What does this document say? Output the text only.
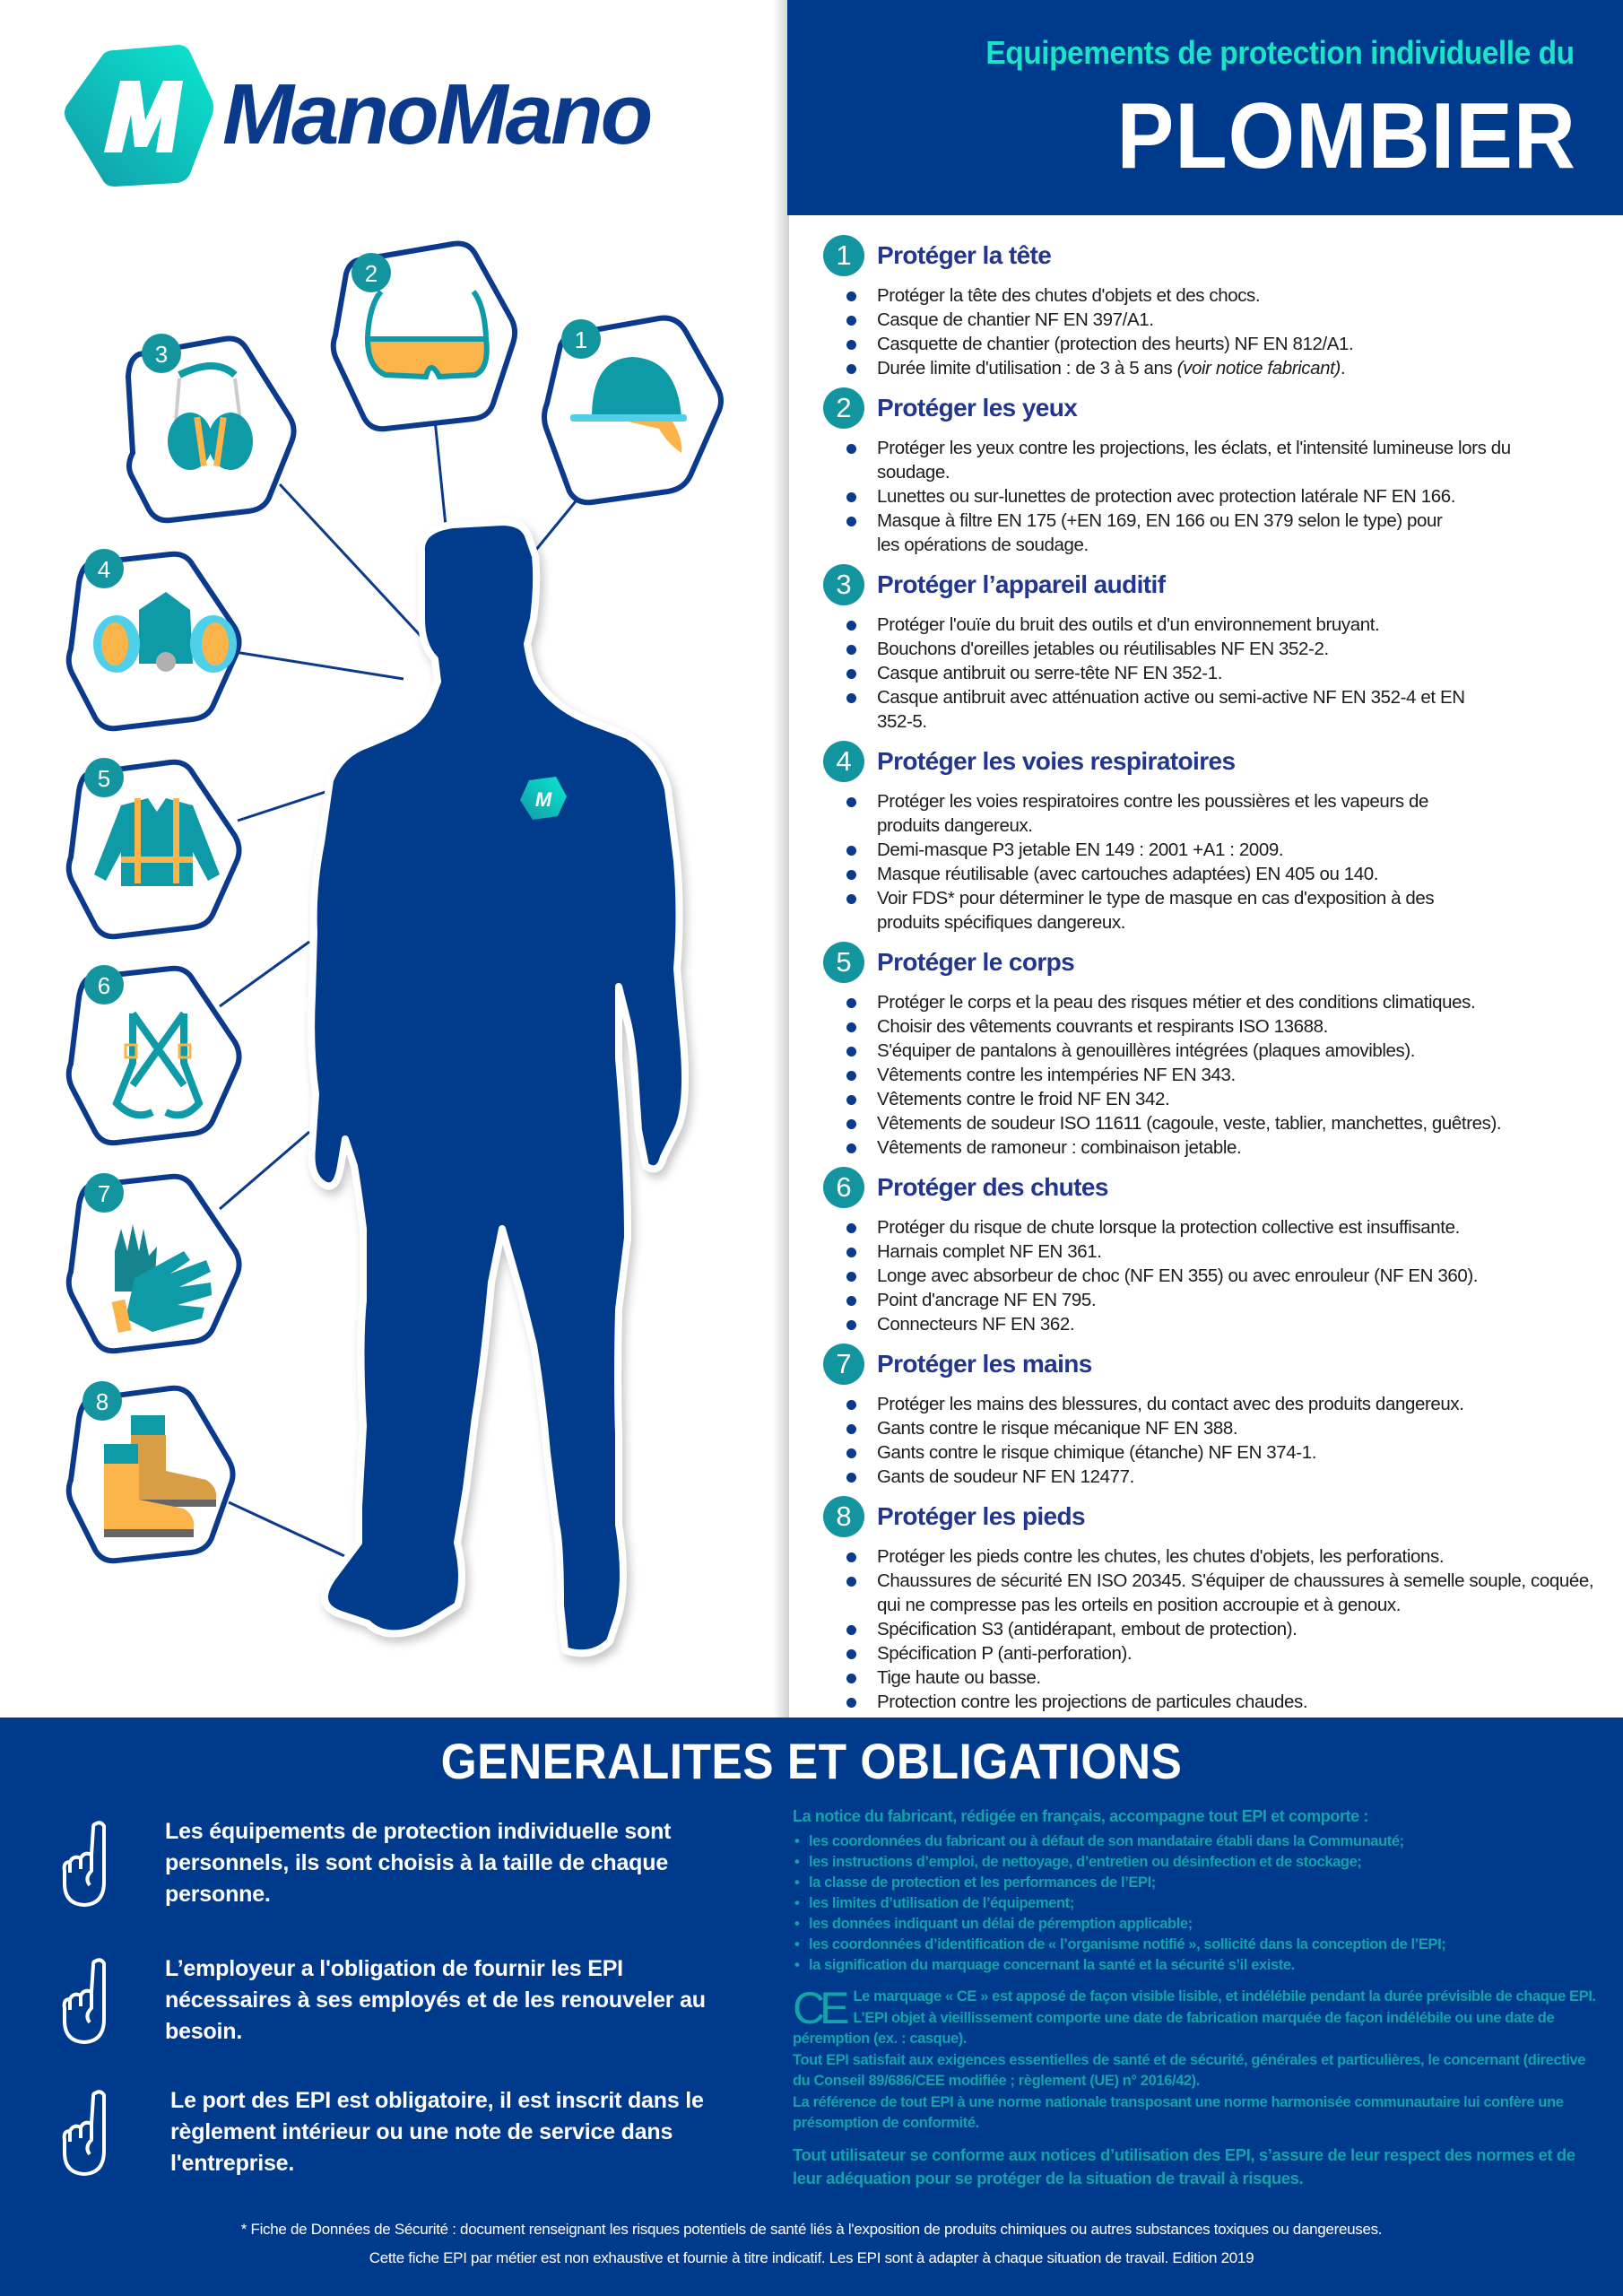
ManoMano
M
1
2
3
4
5
6
7
8
Equipements de protection individuelle du
PLOMBIER
1	Protéger la tête
Protéger la tête des chutes d'objets et des chocs.
Casque de chantier NF EN 397/A1.
Casquette de chantier (protection des heurts) NF EN 812/A1.
Durée limite d'utilisation : de 3 à 5 ans (voir notice fabricant).
2	Protéger les yeux
Protéger les yeux contre les projections, les éclats, et l'intensité lumineuse lors du soudage.
Lunettes ou sur-lunettes de protection avec protection latérale NF EN 166.
Masque à filtre EN 175 (+EN 169, EN 166 ou EN 379 selon le type) pour les opérations de soudage.
3	Protéger l’appareil auditif
Protéger l'ouïe du bruit des outils et d'un environnement bruyant.
Bouchons d'oreilles jetables ou réutilisables NF EN 352-2.
Casque antibruit ou serre-tête NF EN 352-1.
Casque antibruit avec atténuation active ou semi-active NF EN 352-4 et EN 352-5.
4	Protéger les voies respiratoires
Protéger les voies respiratoires contre les poussières et les vapeurs de produits dangereux.
Demi-masque P3 jetable EN 149 : 2001 +A1 : 2009.
Masque réutilisable (avec cartouches adaptées) EN 405 ou 140.
Voir FDS* pour déterminer le type de masque en cas d'exposition à des produits spécifiques dangereux.
5	Protéger le corps
Protéger le corps et la peau des risques métier et des conditions climatiques.
Choisir des vêtements couvrants et respirants ISO 13688.
S'équiper de pantalons à genouillères intégrées (plaques amovibles).
Vêtements contre les intempéries NF EN 343.
Vêtements contre le froid NF EN 342.
Vêtements de soudeur ISO 11611 (cagoule, veste, tablier, manchettes, guêtres).
Vêtements de ramoneur : combinaison jetable.
6	Protéger des chutes
Protéger du risque de chute lorsque la protection collective est insuffisante.
Harnais complet NF EN 361.
Longe avec absorbeur de choc (NF EN 355) ou avec enrouleur (NF EN 360).
Point d'ancrage NF EN 795.
Connecteurs NF EN 362.
7	Protéger les mains
Protéger les mains des blessures, du contact avec des produits dangereux.
Gants contre le risque mécanique NF EN 388.
Gants contre le risque chimique (étanche) NF EN 374-1.
Gants de soudeur NF EN 12477.
8	Protéger les pieds
Protéger les pieds contre les chutes, les chutes d'objets, les perforations.
Chaussures de sécurité EN ISO 20345. S'équiper de chaussures à semelle souple, coquée, qui ne compresse pas les orteils en position accroupie et à genoux.
Spécification S3 (antidérapant, embout de protection).
Spécification P (anti-perforation).
Tige haute ou basse.
Protection contre les projections de particules chaudes.
GENERALITES ET OBLIGATIONS
Les équipements de protection individuelle sont personnels, ils sont choisis à la taille de chaque personne.
L’employeur a l'obligation de fournir les EPI nécessaires à ses employés et de les renouveler au besoin.
Le port des EPI est obligatoire, il est inscrit dans le règlement intérieur ou une note de service dans l'entreprise.
La notice du fabricant, rédigée en français, accompagne tout EPI et comporte :
• les coordonnées du fabricant ou à défaut de son mandataire établi dans la Communauté;
• les instructions d’emploi, de nettoyage, d’entretien ou désinfection et de stockage;
• la classe de protection et les performances de l’EPI;
• les limites d’utilisation de l’équipement;
• les données indiquant un délai de péremption applicable;
• les coordonnées d’identification de « l’organisme notifié », sollicité dans la conception de l’EPI;
• la signification du marquage concernant la santé et la sécurité s’il existe.
CE Le marquage « CE » est apposé de façon visible lisible, et indélébile pendant la durée prévisible de chaque EPI. L’EPI objet à vieillissement comporte une date de fabrication marquée de façon indélébile ou une date de péremption (ex. : casque).
Tout EPI satisfait aux exigences essentielles de santé et de sécurité, générales et particulières, le concernant (directive du Conseil 89/686/CEE modifiée ; règlement (UE) n° 2016/42).
La référence de tout EPI à une norme nationale transposant une norme harmonisée communautaire lui confère une présomption de conformité.
Tout utilisateur se conforme aux notices d’utilisation des EPI, s’assure de leur respect des normes et de leur adéquation pour se protéger de la situation de travail à risques.
* Fiche de Données de Sécurité : document renseignant les risques potentiels de santé liés à l'exposition de produits chimiques ou autres substances toxiques ou dangereuses.
Cette fiche EPI par métier est non exhaustive et fournie à titre indicatif. Les EPI sont à adapter à chaque situation de travail. Edition 2019
